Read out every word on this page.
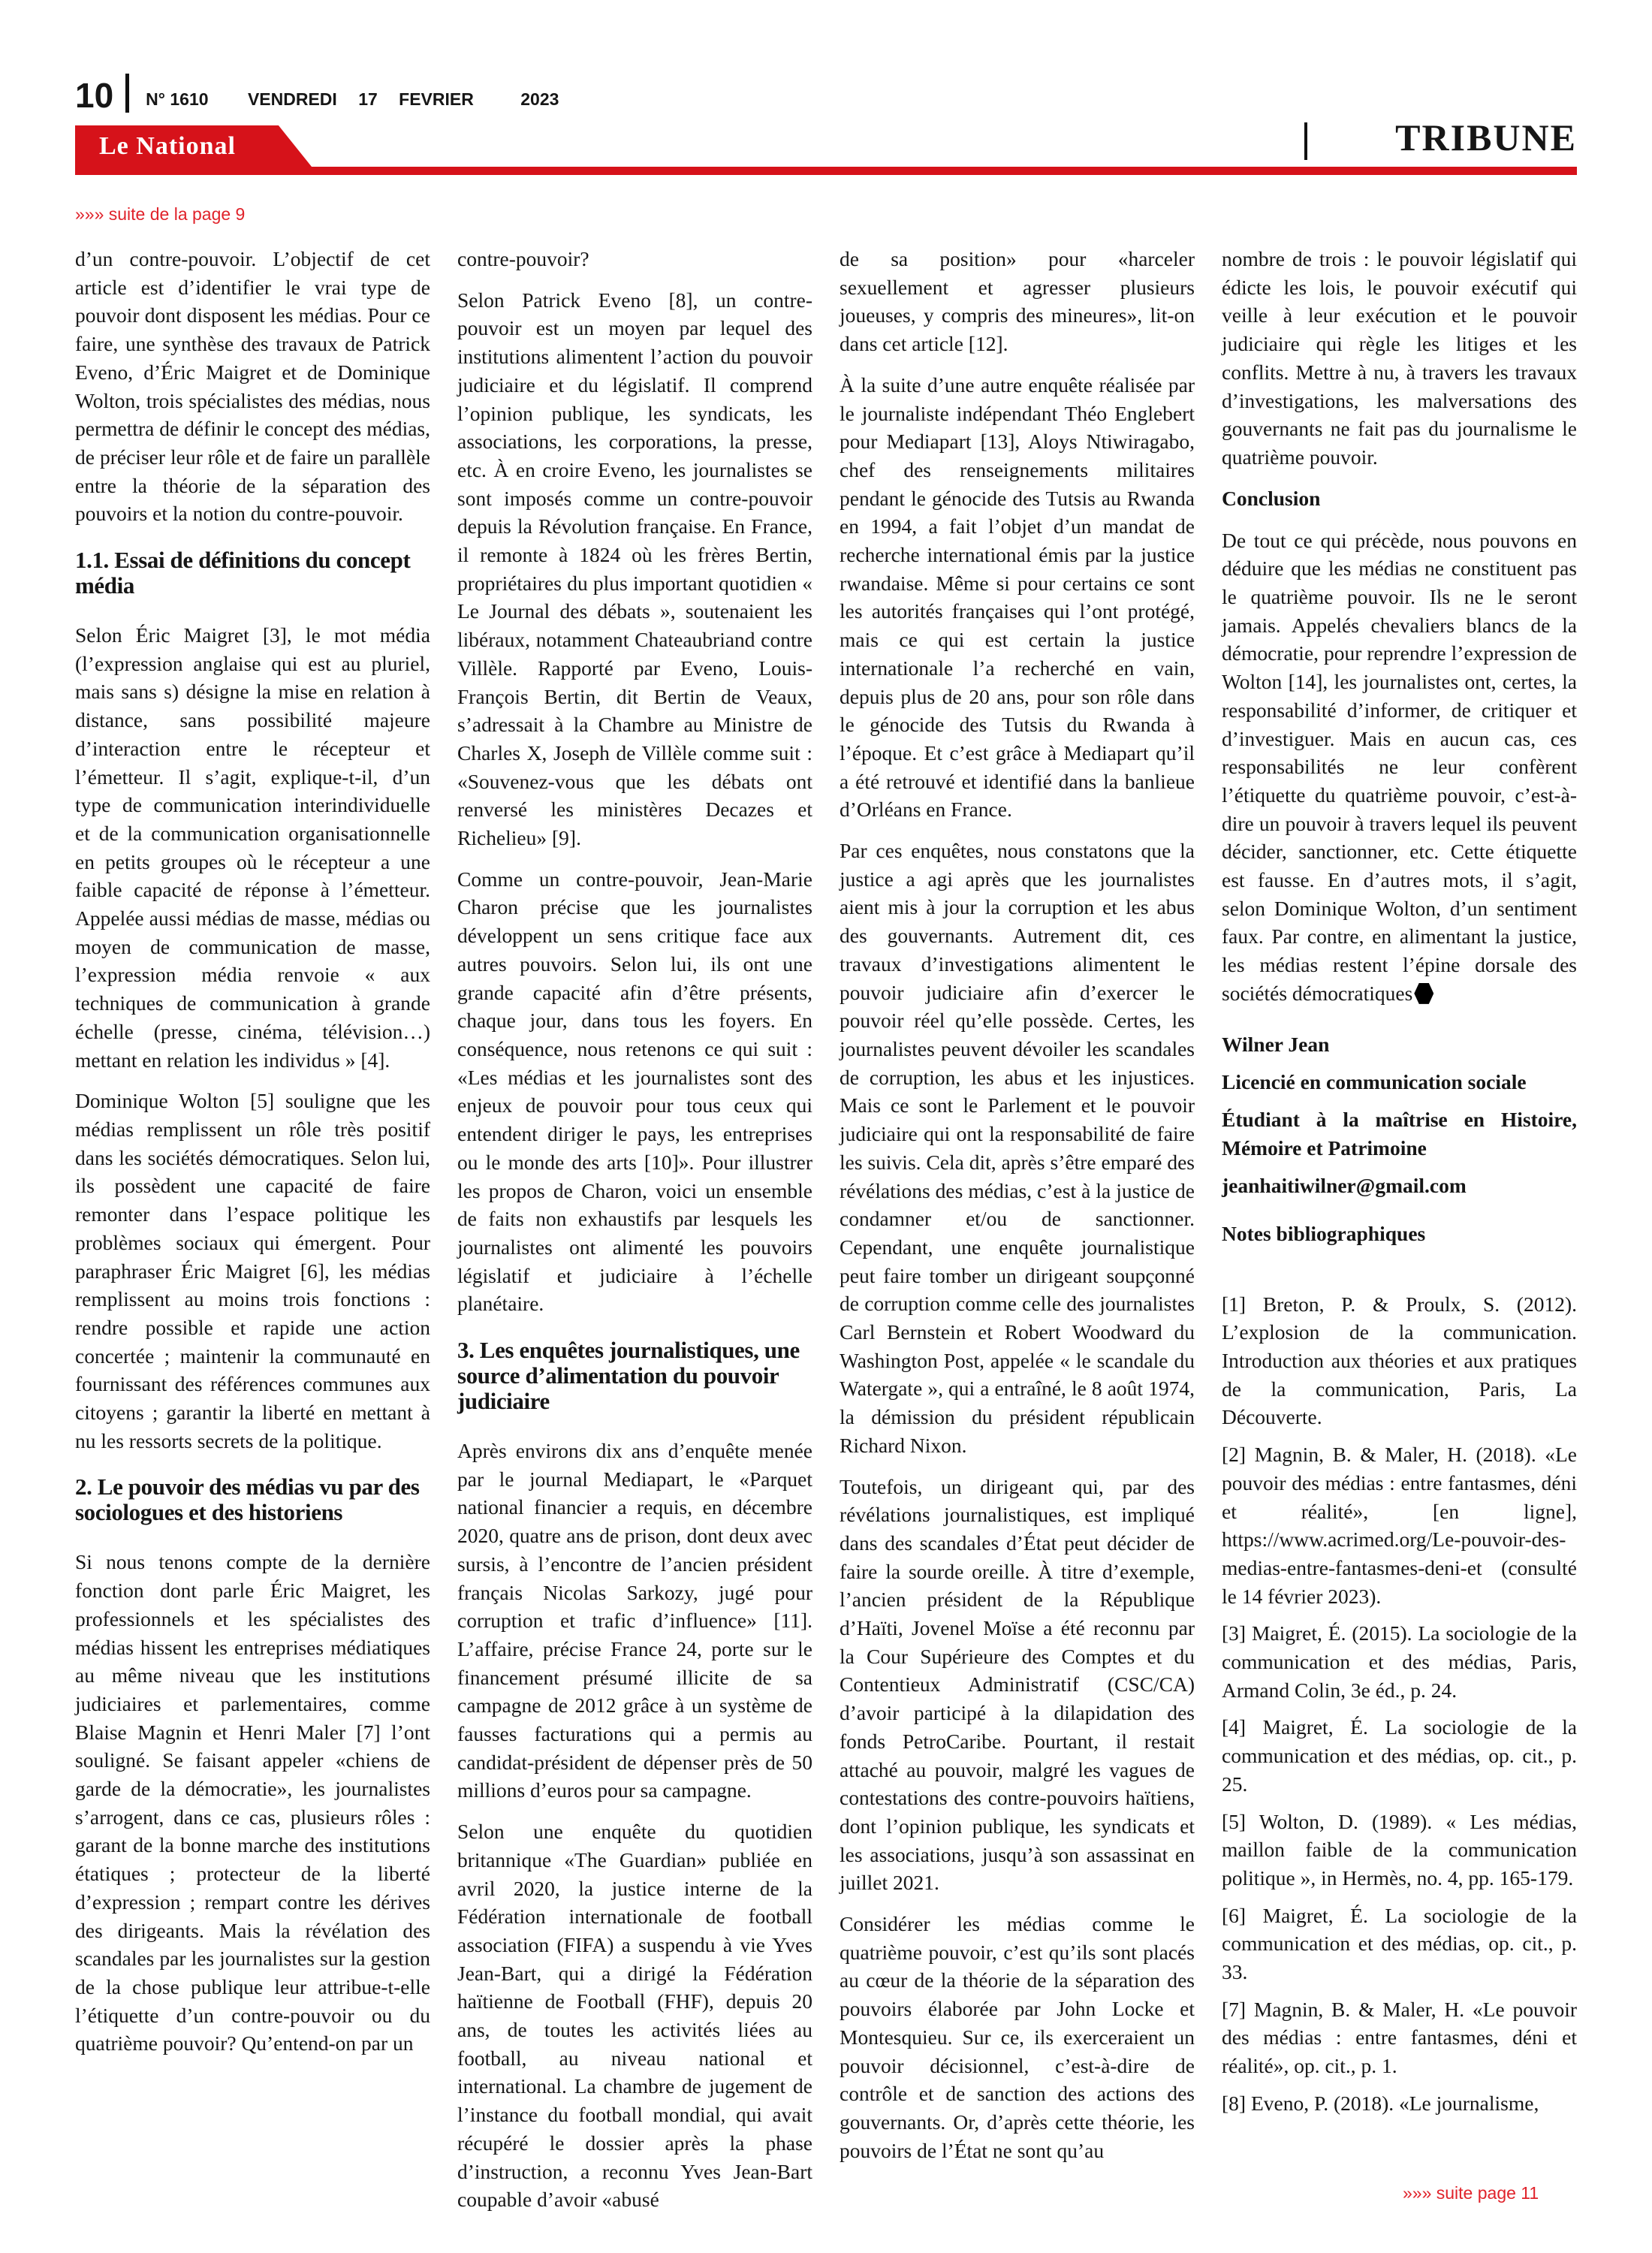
10 N° 1610 VENDREDI 17 FEVRIER	2023
Le National	TRIBUNE
»»» suite de la page 9

d’un contre-pouvoir. L’objectif de cet article est d’identifier le vrai type de pouvoir dont disposent les médias. Pour ce faire, une synthèse des travaux de Patrick Eveno, d’Éric Maigret et de Dominique Wolton, trois spécialistes des médias, nous permettra de définir le concept des médias, de préciser leur rôle et de faire un parallèle entre la théorie de la séparation des pouvoirs et la notion du contre-pouvoir.

1.1. Essai de définitions du concept média

Selon Éric Maigret [3], le mot média (l’expression anglaise qui est au pluriel, mais sans s) désigne la mise en relation à distance, sans possibilité majeure d’interaction entre le récepteur et l’émetteur. Il s’agit, explique-t-il, d’un type de communication interindividuelle et de la communication organisationnelle en petits groupes où le récepteur a une faible capacité de réponse à l’émetteur. Appelée aussi médias de masse, médias ou moyen de communication de masse, l’expression média renvoie « aux techniques de communication à grande échelle (presse, cinéma, télévision…) mettant en relation les individus » [4].

Dominique Wolton [5] souligne que les médias remplissent un rôle très positif dans les sociétés démocratiques. Selon lui, ils possèdent une capacité de faire remonter dans l’espace politique les problèmes sociaux qui émergent. Pour paraphraser Éric Maigret [6], les médias remplissent au moins trois fonctions : rendre possible et rapide une action concertée ; maintenir la communauté en fournissant des références communes aux citoyens ; garantir la liberté en mettant à nu les ressorts secrets de la politique.

2. Le pouvoir des médias vu par des sociologues et des historiens

Si nous tenons compte de la dernière fonction dont parle Éric Maigret, les professionnels et les spécialistes des médias hissent les entreprises médiatiques au même niveau que les institutions judiciaires et parlementaires, comme Blaise Magnin et Henri Maler [7] l’ont souligné. Se faisant appeler «chiens de garde de la démocratie», les journalistes s’arrogent, dans ce cas, plusieurs rôles : garant de la bonne marche des institutions étatiques ; protecteur de la liberté d’expression ; rempart contre les dérives des dirigeants. Mais la révélation des scandales par les journalistes sur la gestion de la chose publique leur attribue-t-elle l’étiquette d’un contre-pouvoir ou du quatrième pouvoir? Qu’entend-on par un

contre-pouvoir?

Selon Patrick Eveno [8], un contre-pouvoir est un moyen par lequel des institutions alimentent l’action du pouvoir judiciaire et du législatif. Il comprend l’opinion publique, les syndicats, les associations, les corporations, la presse, etc. À en croire Eveno, les journalistes se sont imposés comme un contre-pouvoir depuis la Révolution française. En France, il remonte à 1824 où les frères Bertin, propriétaires du plus important quotidien « Le Journal des débats », soutenaient les libéraux, notamment Chateaubriand contre Villèle. Rapporté par Eveno, Louis-François Bertin, dit Bertin de Veaux, s’adressait à la Chambre au Ministre de Charles X, Joseph de Villèle comme suit : «Souvenez-vous que les débats ont renversé les ministères Decazes et Richelieu» [9].

Comme un contre-pouvoir, Jean-Marie Charon précise que les journalistes développent un sens critique face aux autres pouvoirs. Selon lui, ils ont une grande capacité afin d’être présents, chaque jour, dans tous les foyers. En conséquence, nous retenons ce qui suit : «Les médias et les journalistes sont des enjeux de pouvoir pour tous ceux qui entendent diriger le pays, les entreprises ou le monde des arts [10]». Pour illustrer les propos de Charon, voici un ensemble de faits non exhaustifs par lesquels les journalistes ont alimenté les pouvoirs législatif et judiciaire à l’échelle planétaire.

3. Les enquêtes journalistiques, une source d’alimentation du pouvoir judiciaire

Après environs dix ans d’enquête menée par le journal Mediapart, le «Parquet national financier a requis, en décembre 2020, quatre ans de prison, dont deux avec sursis, à l’encontre de l’ancien président français Nicolas Sarkozy, jugé pour corruption et trafic d’influence» [11]. L’affaire, précise France 24, porte sur le financement présumé illicite de sa campagne de 2012 grâce à un système de fausses facturations qui a permis au candidat-président de dépenser près de 50 millions d’euros pour sa campagne.

Selon une enquête du quotidien britannique «The Guardian» publiée en avril 2020, la justice interne de la Fédération internationale de football association (FIFA) a suspendu à vie Yves Jean-Bart, qui a dirigé la Fédération haïtienne de Football (FHF), depuis 20 ans, de toutes les activités liées au football, au niveau national et international. La chambre de jugement de l’instance du football mondial, qui avait récupéré le dossier après la phase d’instruction, a reconnu Yves Jean-Bart coupable d’avoir «abusé

de sa position» pour «harceler sexuellement et agresser plusieurs joueuses, y compris des mineures», lit-on dans cet article [12].

À la suite d’une autre enquête réalisée par le journaliste indépendant Théo Englebert pour Mediapart [13], Aloys Ntiwiragabo, chef des renseignements militaires pendant le génocide des Tutsis au Rwanda en 1994, a fait l’objet d’un mandat de recherche international émis par la justice rwandaise. Même si pour certains ce sont les autorités françaises qui l’ont protégé, mais ce qui est certain la justice internationale l’a recherché en vain, depuis plus de 20 ans, pour son rôle dans le génocide des Tutsis du Rwanda à l’époque. Et c’est grâce à Mediapart qu’il a été retrouvé et identifié dans la banlieue d’Orléans en France.

Par ces enquêtes, nous constatons que la justice a agi après que les journalistes aient mis à jour la corruption et les abus des gouvernants. Autrement dit, ces travaux d’investigations alimentent le pouvoir judiciaire afin d’exercer le pouvoir réel qu’elle possède. Certes, les journalistes peuvent dévoiler les scandales de corruption, les abus et les injustices. Mais ce sont le Parlement et le pouvoir judiciaire qui ont la responsabilité de faire les suivis. Cela dit, après s’être emparé des révélations des médias, c’est à la justice de condamner et/ou de sanctionner. Cependant, une enquête journalistique peut faire tomber un dirigeant soupçonné de corruption comme celle des journalistes Carl Bernstein et Robert Woodward du Washington Post, appelée « le scandale du Watergate », qui a entraîné, le 8 août 1974, la démission du président républicain Richard Nixon.

Toutefois, un dirigeant qui, par des révélations journalistiques, est impliqué dans des scandales d’État peut décider de faire la sourde oreille. À titre d’exemple, l’ancien président de la République d’Haïti, Jovenel Moïse a été reconnu par la Cour Supérieure des Comptes et du Contentieux Administratif (CSC/CA) d’avoir participé à la dilapidation des fonds PetroCaribe. Pourtant, il restait attaché au pouvoir, malgré les vagues de contestations des contre-pouvoirs haïtiens, dont l’opinion publique, les syndicats et les associations, jusqu’à son assassinat en juillet 2021.

Considérer les médias comme le quatrième pouvoir, c’est qu’ils sont placés au cœur de la théorie de la séparation des pouvoirs élaborée par John Locke et Montesquieu. Sur ce, ils exerceraient un pouvoir décisionnel, c’est-à-dire de contrôle et de sanction des actions des gouvernants. Or, d’après cette théorie, les pouvoirs de l’État ne sont qu’au

nombre de trois : le pouvoir législatif qui édicte les lois, le pouvoir exécutif qui veille à leur exécution et le pouvoir judiciaire qui règle les litiges et les conflits. Mettre à nu, à travers les travaux d’investigations, les malversations des gouvernants ne fait pas du journalisme le quatrième pouvoir.

Conclusion

De tout ce qui précède, nous pouvons en déduire que les médias ne constituent pas le quatrième pouvoir. Ils ne le seront jamais. Appelés chevaliers blancs de la démocratie, pour reprendre l’expression de Wolton [14], les journalistes ont, certes, la responsabilité d’informer, de critiquer et d’investiguer. Mais en aucun cas, ces responsabilités ne leur confèrent l’étiquette du quatrième pouvoir, c’est-à-dire un pouvoir à travers lequel ils peuvent décider, sanctionner, etc. Cette étiquette est fausse. En d’autres mots, il s’agit, selon Dominique Wolton, d’un sentiment faux. Par contre, en alimentant la justice, les médias restent l’épine dorsale des sociétés démocratiques

Wilner Jean

Licencié en communication sociale

Étudiant à la maîtrise en Histoire, Mémoire et Patrimoine

jeanhaitiwilner@gmail.com

Notes bibliographiques

[1] Breton, P. & Proulx, S. (2012). L’explosion de la communication. Introduction aux théories et aux pratiques de la communication, Paris, La Découverte.

[2] Magnin, B. & Maler, H. (2018). «Le pouvoir des médias : entre fantasmes, déni et réalité», [en ligne], https://www.acrimed.org/Le-pouvoir-des-medias-entre-fantasmes-deni-et (consulté le 14 février 2023).

[3] Maigret, É. (2015). La sociologie de la communication et des médias, Paris, Armand Colin, 3e éd., p. 24.

[4] Maigret, É. La sociologie de la communication et des médias, op. cit., p. 25.

[5] Wolton, D. (1989). « Les médias, maillon faible de la communication politique », in Hermès, no. 4, pp. 165-179.

[6] Maigret, É. La sociologie de la communication et des médias, op. cit., p. 33.

[7] Magnin, B. & Maler, H. «Le pouvoir des médias : entre fantasmes, déni et réalité», op. cit., p. 1.

[8] Eveno, P. (2018). «Le journalisme,

»»» suite page 11
